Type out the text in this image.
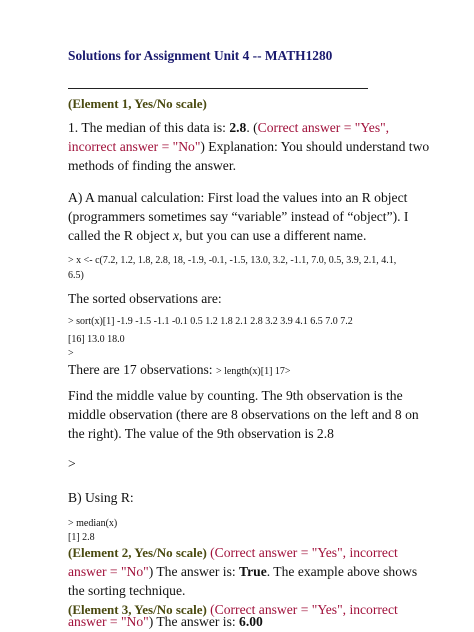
Solutions for Assignment Unit 4 -- MATH1280
(Element 1, Yes/No scale)
1. The median of this data is: 2.8. (Correct answer = "Yes",
incorrect answer = "No") Explanation: You should understand two
methods of finding the answer.
A) A manual calculation: First load the values into an R object
(programmers sometimes say “variable” instead of “object”). I
called the R object x, but you can use a different name.
> x <- c(7.2, 1.2, 1.8, 2.8, 18, -1.9, -0.1, -1.5, 13.0, 3.2, -1.1, 7.0, 0.5, 3.9, 2.1, 4.1,
6.5)
The sorted observations are:
> sort(x)[1] -1.9 -1.5 -1.1 -0.1 0.5 1.2 1.8 2.1 2.8 3.2 3.9 4.1 6.5 7.0 7.2
[16] 13.0 18.0
>
There are 17 observations: > length(x)[1] 17>
Find the middle value by counting. The 9th observation is the
middle observation (there are 8 observations on the left and 8 on
the right). The value of the 9th observation is 2.8
>
B) Using R:
> median(x)
[1] 2.8
(Element 2, Yes/No scale) (Correct answer = "Yes", incorrect
answer = "No") The answer is: True. The example above shows
the sorting technique.
(Element 3, Yes/No scale) (Correct answer = "Yes", incorrect
answer = "No") The answer is: 6.00
